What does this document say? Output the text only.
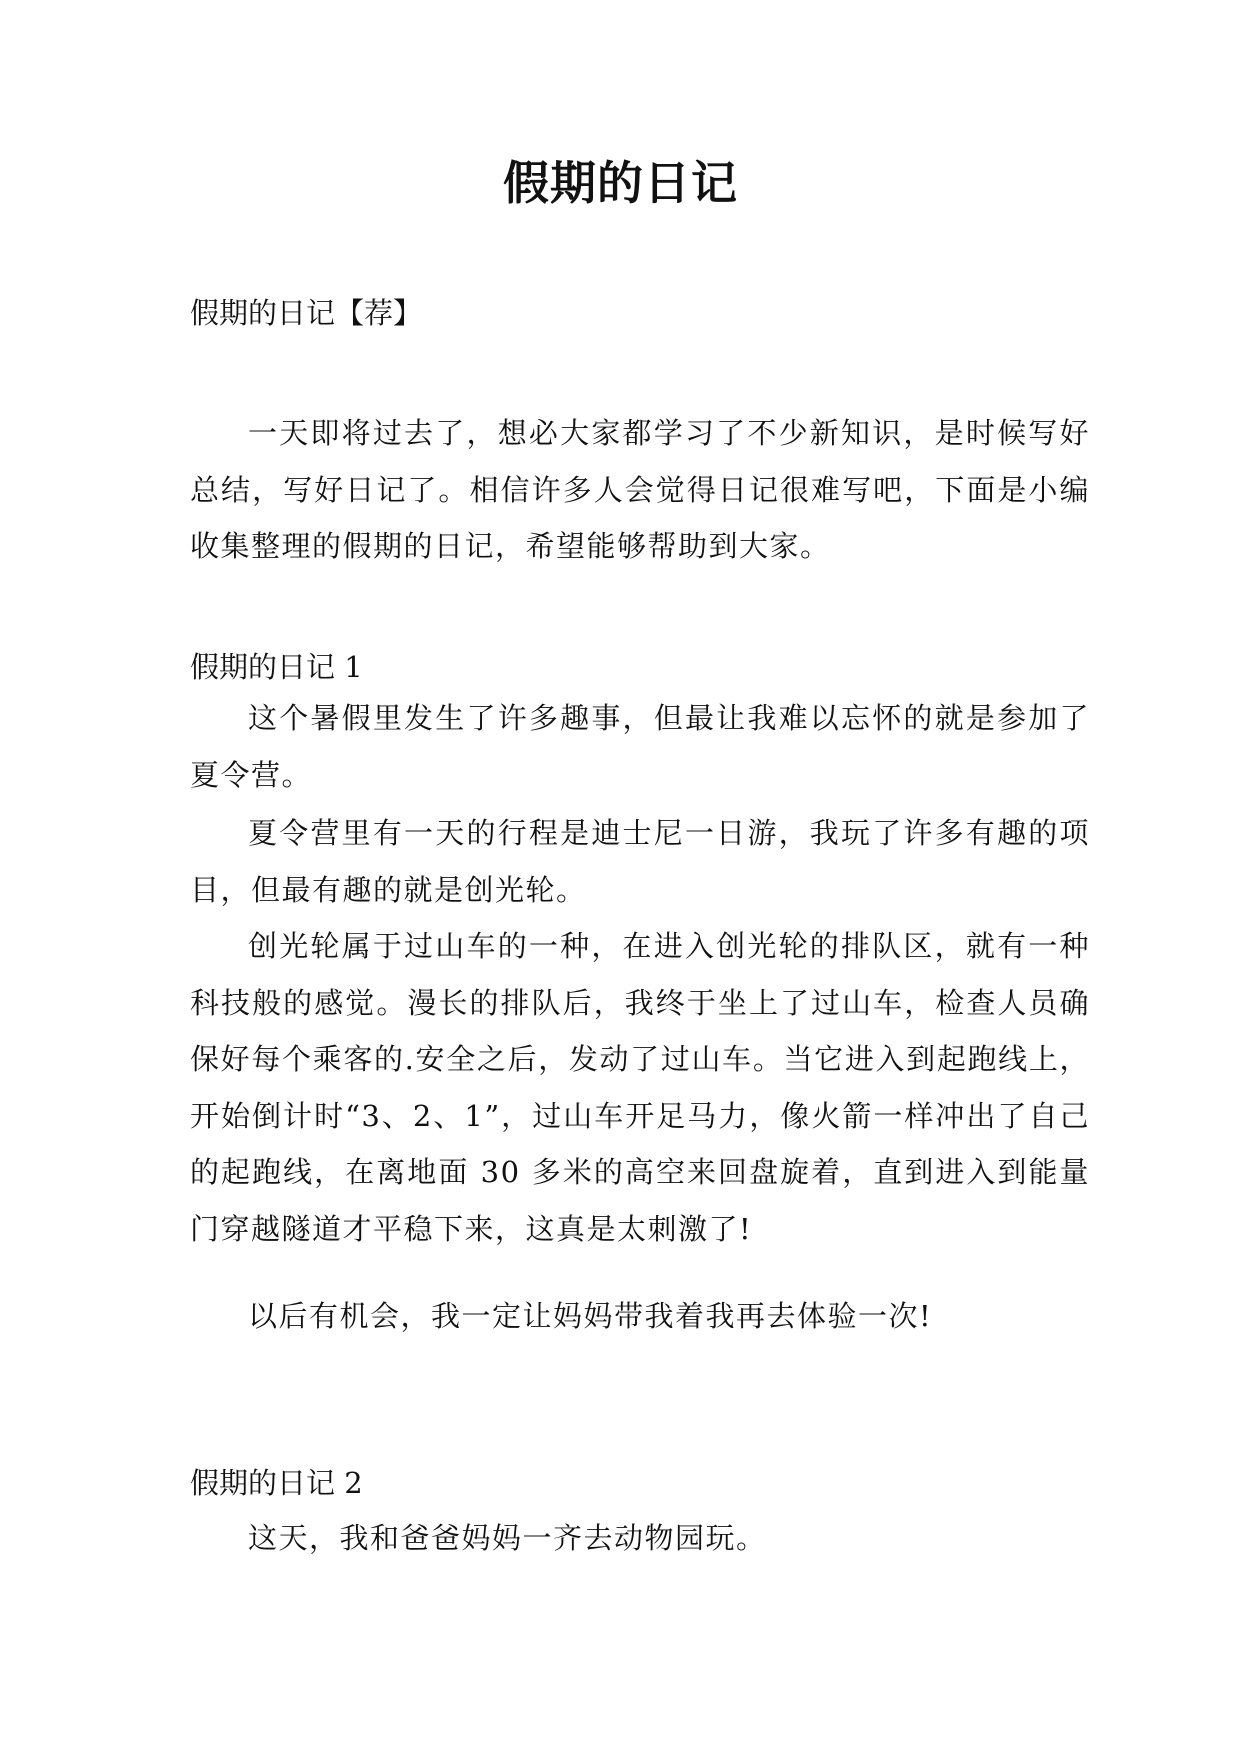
假期的日记

假期的日记【荐】

一天即将过去了，想必大家都学习了不少新知识，是时候写好总结，写好日记了。相信许多人会觉得日记很难写吧，下面是小编收集整理的假期的日记，希望能够帮助到大家。

假期的日记 1

这个暑假里发生了许多趣事，但最让我难以忘怀的就是参加了夏令营。

夏令营里有一天的行程是迪士尼一日游，我玩了许多有趣的项目，但最有趣的就是创光轮。

创光轮属于过山车的一种，在进入创光轮的排队区，就有一种科技般的感觉。漫长的排队后，我终于坐上了过山车，检查人员确保好每个乘客的.安全之后，发动了过山车。当它进入到起跑线上，开始倒计时“3、2、1”，过山车开足马力，像火箭一样冲出了自己的起跑线，在离地面 30 多米的高空来回盘旋着，直到进入到能量门穿越隧道才平稳下来，这真是太刺激了!

以后有机会，我一定让妈妈带我着我再去体验一次!

假期的日记 2

这天，我和爸爸妈妈一齐去动物园玩。
